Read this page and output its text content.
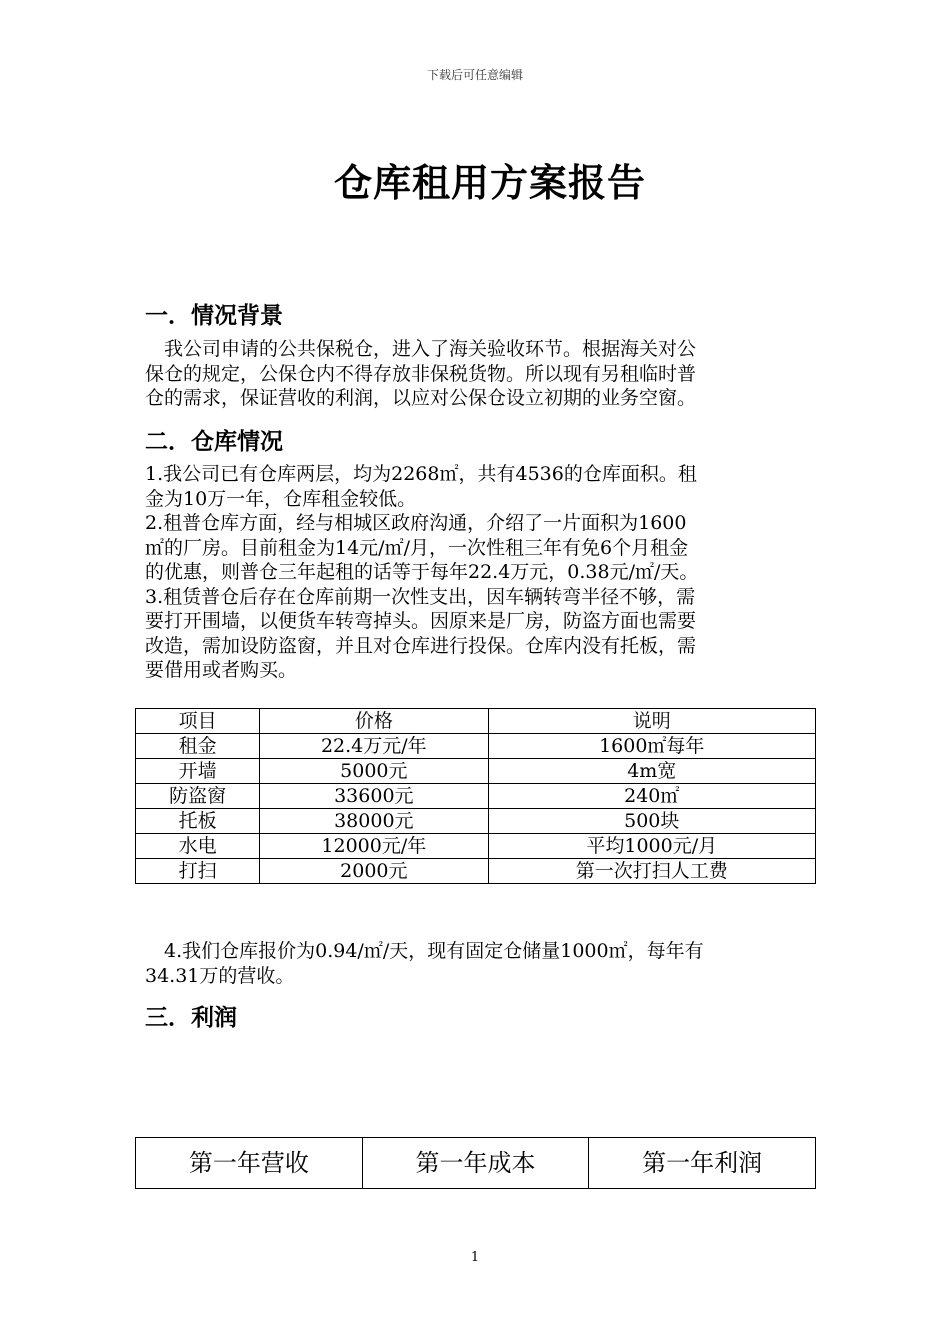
下载后可任意编辑
仓库租用方案报告
一．情况背景
　我公司申请的公共保税仓，进入了海关验收环节。根据海关对公
保仓的规定，公保仓内不得存放非保税货物。所以现有另租临时普
仓的需求，保证营收的利润，以应对公保仓设立初期的业务空窗。
二．仓库情况
1.我公司已有仓库两层，均为2268㎡，共有4536的仓库面积。租
金为10万一年，仓库租金较低。
2.租普仓库方面，经与相城区政府沟通，介绍了一片面积为1600
㎡的厂房。目前租金为14元/㎡/月，一次性租三年有免6个月租金
的优惠，则普仓三年起租的话等于每年22.4万元，0.38元/㎡/天。
3.租赁普仓后存在仓库前期一次性支出，因车辆转弯半径不够，需
要打开围墙，以便货车转弯掉头。因原来是厂房，防盗方面也需要
改造，需加设防盗窗，并且对仓库进行投保。仓库内没有托板，需
要借用或者购买。
项目	价格	说明
租金	22.4万元/年	1600㎡每年
开墙	5000元	4m宽
防盗窗	33600元	240㎡
托板	38000元	500块
水电	12000元/年	平均1000元/月
打扫	2000元	第一次打扫人工费
　4.我们仓库报价为0.94/㎡/天，现有固定仓储量1000㎡，每年有
34.31万的营收。
三．利润
第一年营收	第一年成本	第一年利润
1
